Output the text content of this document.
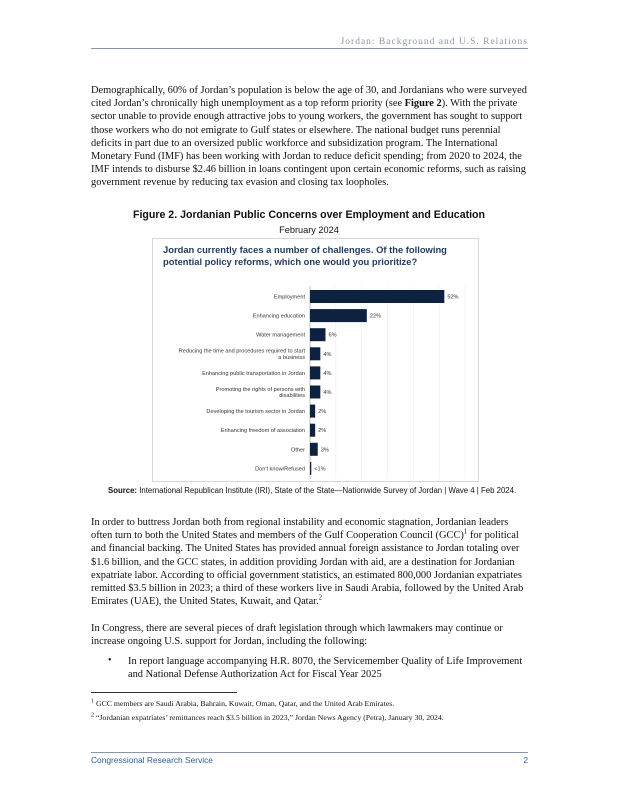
Jordan: Background and U.S. Relations

Demographically, 60% of Jordan’s population is below the age of 30, and Jordanians who were surveyed cited Jordan’s chronically high unemployment as a top reform priority (see Figure 2). With the private sector unable to provide enough attractive jobs to young workers, the government has sought to support those workers who do not emigrate to Gulf states or elsewhere. The national budget runs perennial deficits in part due to an oversized public workforce and subsidization program. The International Monetary Fund (IMF) has been working with Jordan to reduce deficit spending; from 2020 to 2024, the IMF intends to disburse $2.46 billion in loans contingent upon certain economic reforms, such as raising government revenue by reducing tax evasion and closing tax loopholes.

Figure 2. Jordanian Public Concerns over Employment and Education
February 2024
Jordan currently faces a number of challenges. Of the following potential policy reforms, which one would you prioritize?
Employment	52%
Enhancing education	22%
Water management	6%
Reducing the time and procedures required to start a business
4%
Enhancing public transportation in Jordan	4%
Promoting the rights of persons with disabilities
4%
Developing the tourism sector in Jordan 2%
Enhancing freedom of association 2%
Other	3%
Don't know/Refused <1%
Source: International Republican Institute (IRI), State of the State—Nationwide Survey of Jordan | Wave 4 | Feb 2024.

In order to buttress Jordan both from regional instability and economic stagnation, Jordanian leaders often turn to both the United States and members of the Gulf Cooperation Council (GCC)$^1$ for political and financial backing. The United States has provided annual foreign assistance to Jordan totaling over $1.6 billion, and the GCC states, in addition providing Jordan with aid, are a destination for Jordanian expatriate labor. According to official government statistics, an estimated 800,000 Jordanian expatriates remitted $3.5 billion in 2023; a third of these workers live in Saudi Arabia, followed by the United Arab Emirates (UAE), the United States, Kuwait, and Qatar.$^2$

In Congress, there are several pieces of draft legislation through which lawmakers may continue or increase ongoing U.S. support for Jordan, including the following:

• In report language accompanying H.R. 8070, the Servicemember Quality of Life Improvement and National Defense Authorization Act for Fiscal Year 2025
$^1$ GCC members are Saudi Arabia, Bahrain, Kuwait, Oman, Qatar, and the United Arab Emirates.
$^2$ “Jordanian expatriates’ remittances reach $3.5 billion in 2023,” Jordan News Agency (Petra), January 30, 2024.
Congressional Research Service	2
